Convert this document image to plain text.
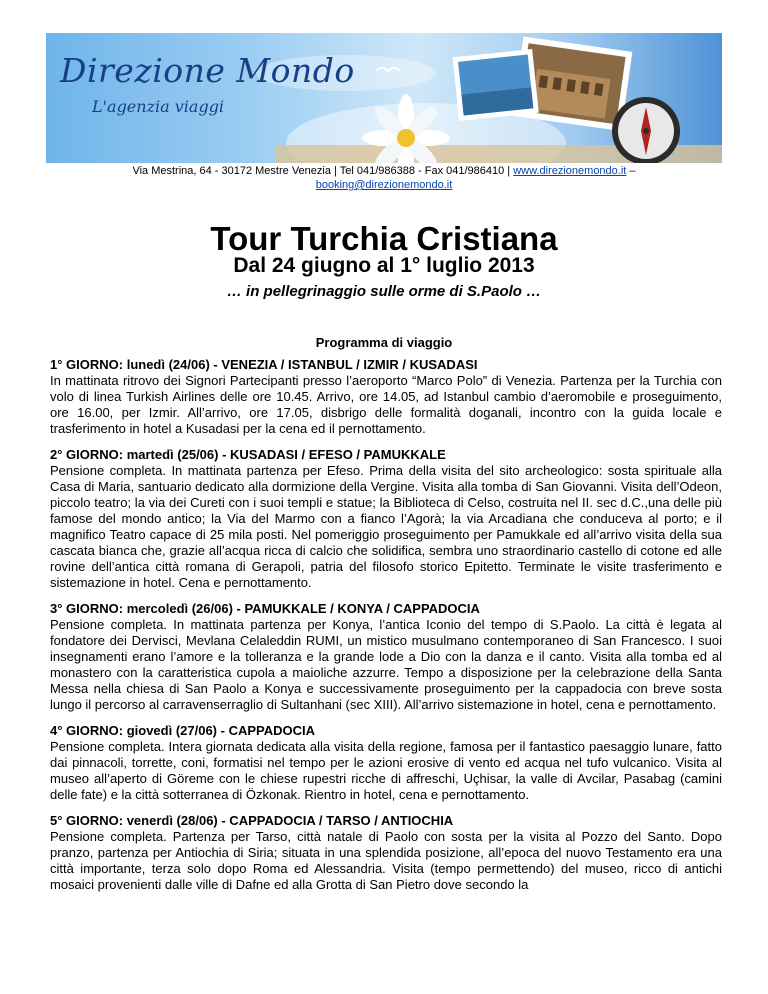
Direzione Mondo
L'agenzia viaggi
Via Mestrina, 64 - 30172 Mestre Venezia | Tel 041/986388 - Fax 041/986410 | www.direzionemondo.it –
booking@direzionemondo.it
Tour Turchia Cristiana
Dal 24 giugno al 1° luglio 2013
… in pellegrinaggio sulle orme di S.Paolo …
Programma di viaggio
1° GIORNO: lunedì (24/06) - VENEZIA / ISTANBUL / IZMIR / KUSADASI
In mattinata ritrovo dei Signori Partecipanti presso l’aeroporto “Marco Polo” di Venezia. Partenza per la Turchia con volo di linea Turkish Airlines delle ore 10.45. Arrivo, ore 14.05, ad Istanbul cambio d’aeromobile e proseguimento, ore 16.00, per Izmir. All’arrivo, ore 17.05, disbrigo delle formalità doganali, incontro con la guida locale e trasferimento in hotel a Kusadasi per la cena ed il pernottamento.
2° GIORNO: martedì (25/06) - KUSADASI / EFESO / PAMUKKALE
Pensione completa. In mattinata partenza per Efeso. Prima della visita del sito archeologico: sosta spirituale alla Casa di Maria, santuario dedicato alla dormizione della Vergine. Visita alla tomba di San Giovanni. Visita dell’Odeon, piccolo teatro; la via dei Cureti con i suoi templi e statue; la Biblioteca di Celso, costruita nel II. sec d.C.,una delle più famose del mondo antico; la Via del Marmo con a fianco l’Agorà; la via Arcadiana che conduceva al porto; e il magnifico Teatro capace di 25 mila posti. Nel pomeriggio proseguimento per Pamukkale ed all’arrivo visita della sua cascata bianca che, grazie all’acqua ricca di calcio che solidifica, sembra uno straordinario castello di cotone ed alle rovine dell’antica città romana di Gerapoli, patria del filosofo storico Epitetto. Terminate le visite trasferimento e sistemazione in hotel. Cena e pernottamento.
3° GIORNO: mercoledì (26/06) - PAMUKKALE / KONYA / CAPPADOCIA
Pensione completa. In mattinata partenza per Konya, l’antica Iconio del tempo di S.Paolo. La città è legata al fondatore dei Dervisci, Mevlana Celaleddin RUMI, un mistico musulmano contemporaneo di San Francesco. I suoi insegnamenti erano l’amore e la tolleranza e la grande lode a Dio con la danza e il canto. Visita alla tomba ed al monastero con la caratteristica cupola a maioliche azzurre. Tempo a disposizione per la celebrazione della Santa Messa nella chiesa di San Paolo a Konya e successivamente proseguimento per la cappadocia con breve sosta lungo il percorso al carravenserraglio di Sultanhani (sec XIII). All’arrivo sistemazione in hotel, cena e pernottamento.
4° GIORNO: giovedì (27/06) - CAPPADOCIA
Pensione completa. Intera giornata dedicata alla visita della regione, famosa per il fantastico paesaggio lunare, fatto dai pinnacoli, torrette, coni, formatisi nel tempo per le azioni erosive di vento ed acqua nel tufo vulcanico. Visita al museo all’aperto di Göreme con le chiese rupestri ricche di affreschi, Uçhisar, la valle di Avcilar, Pasabag (camini delle fate) e la città sotterranea di Özkonak. Rientro in hotel, cena e pernottamento.
5° GIORNO: venerdì (28/06) - CAPPADOCIA / TARSO / ANTIOCHIA
Pensione completa. Partenza per Tarso, città natale di Paolo con sosta per la visita al Pozzo del Santo. Dopo pranzo, partenza per Antiochia di Siria; situata in una splendida posizione, all’epoca del nuovo Testamento era una città importante, terza solo dopo Roma ed Alessandria. Visita (tempo permettendo) del museo, ricco di antichi mosaici provenienti dalle ville di Dafne ed alla Grotta di San Pietro dove secondo la
